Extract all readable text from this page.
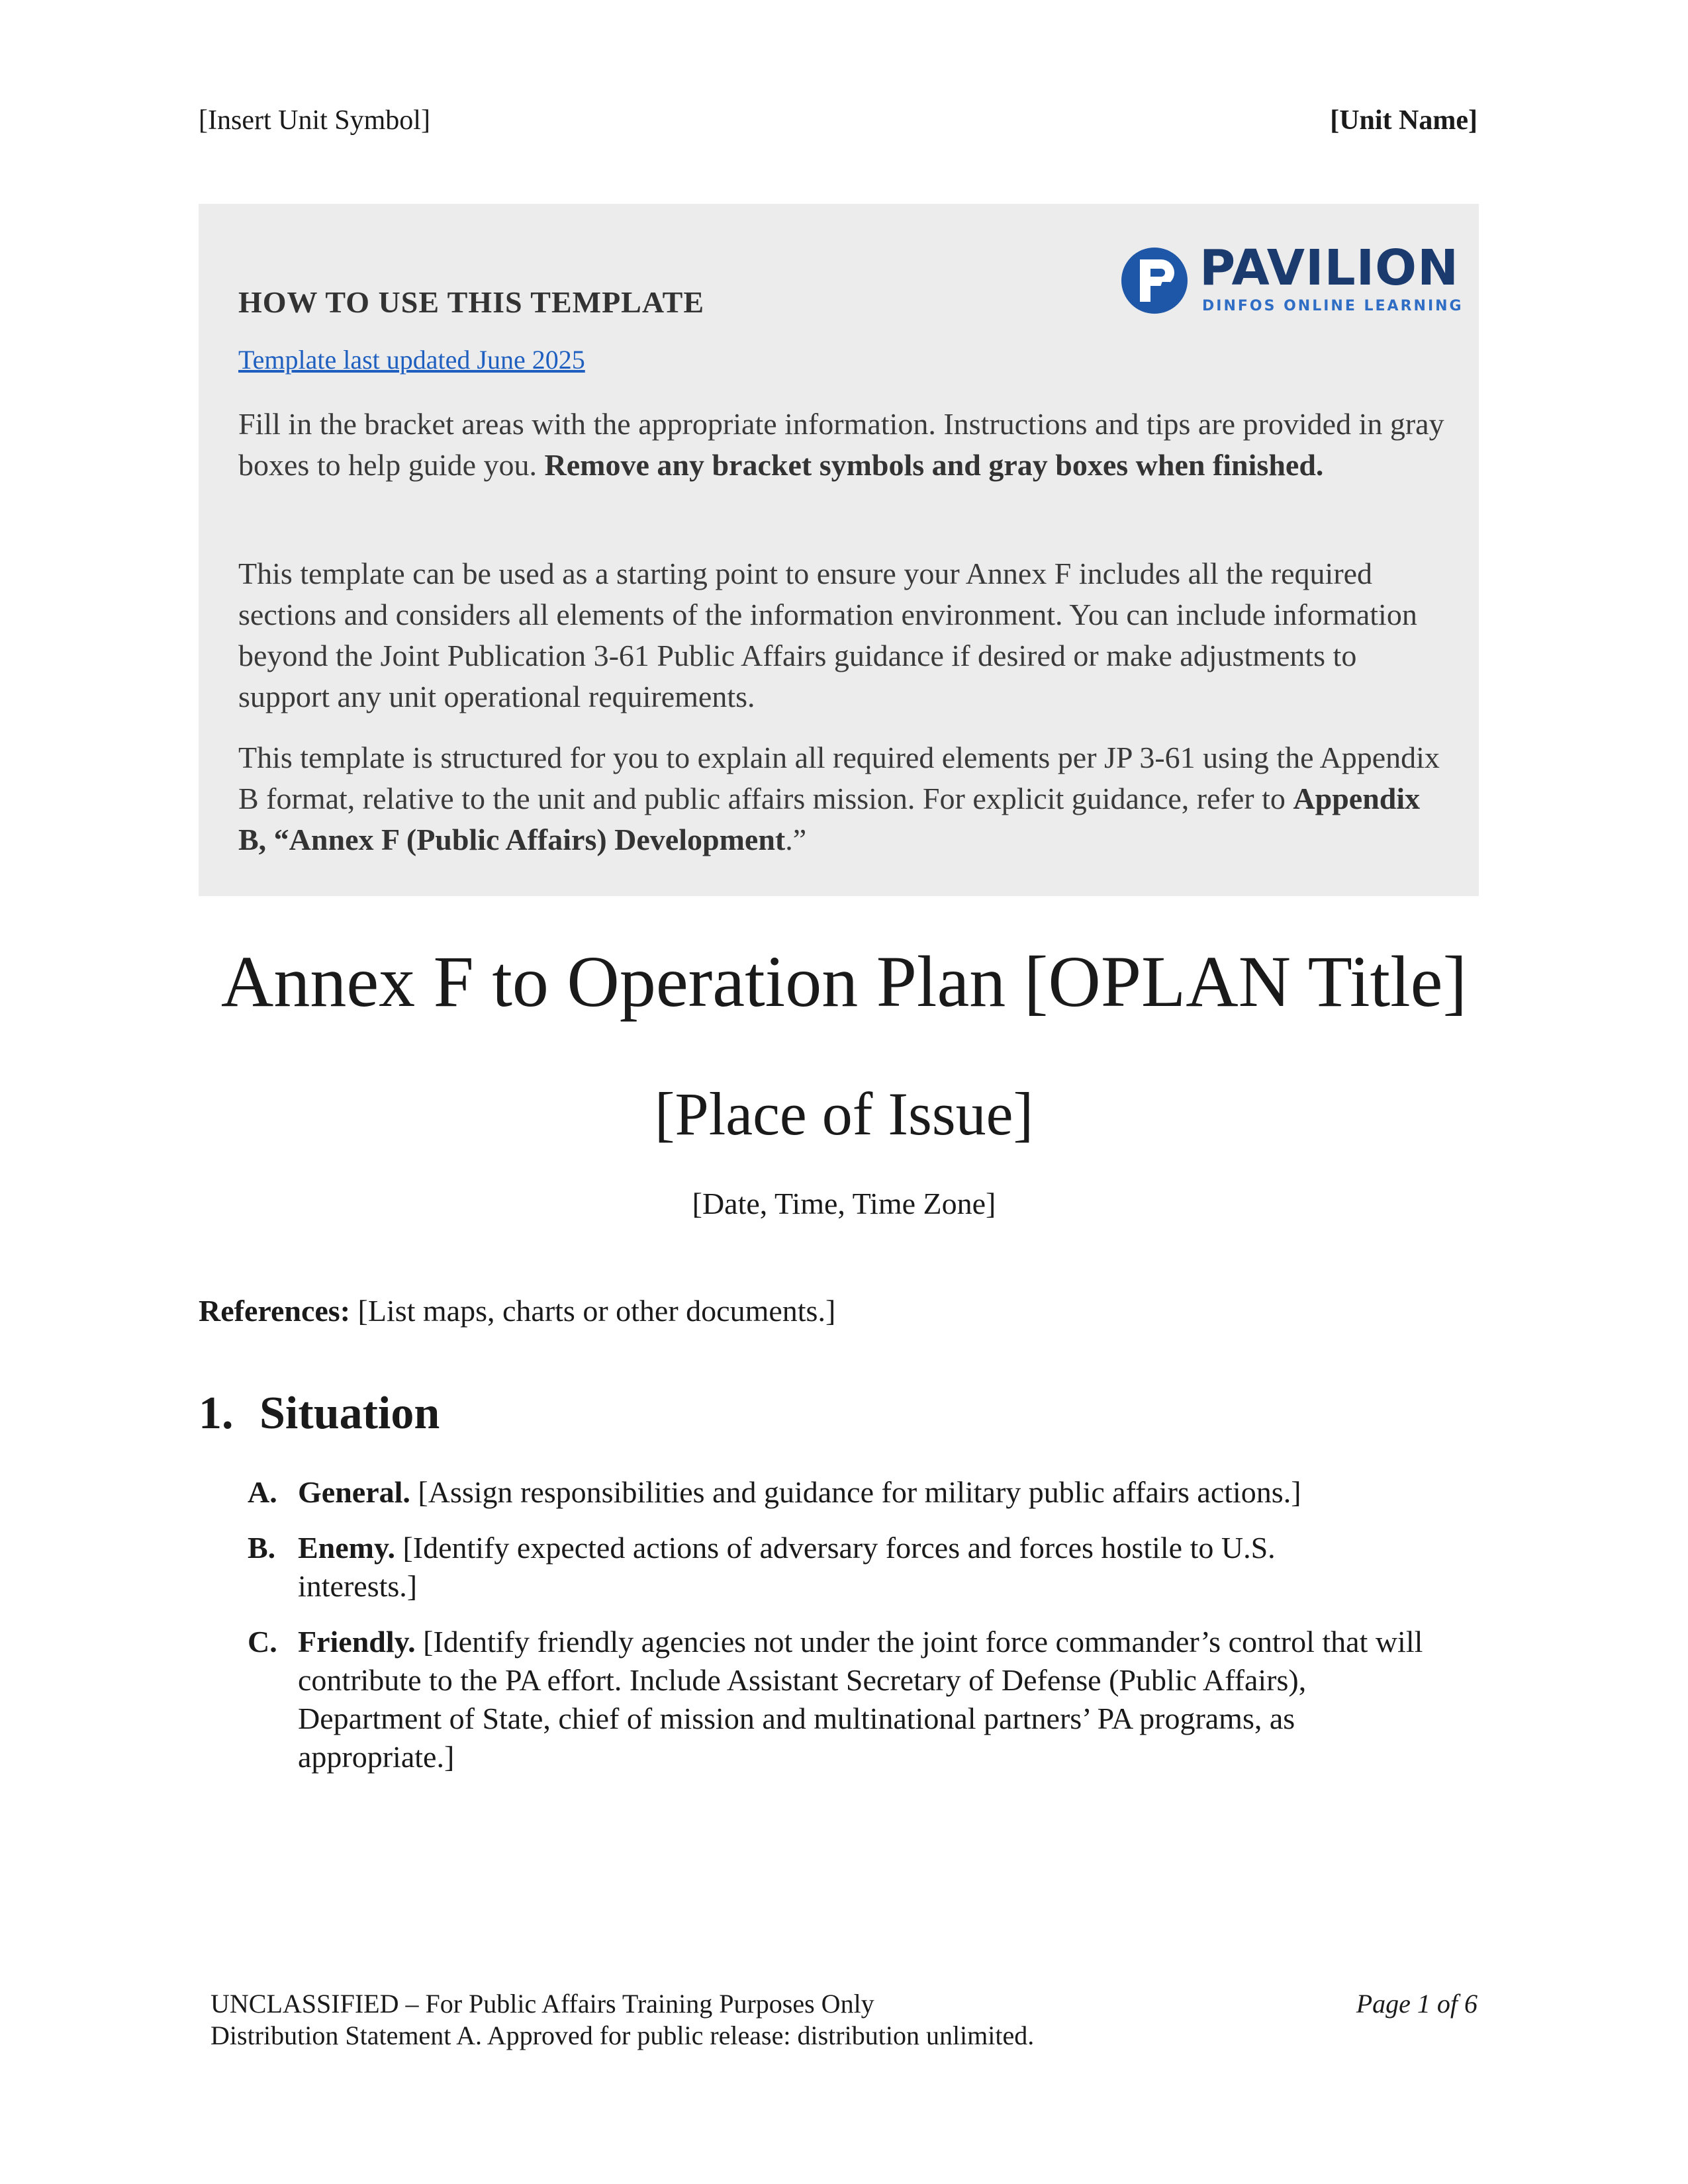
[Insert Unit Symbol]	[Unit Name]
PAVILION
DINFOS ONLINE LEARNING
HOW TO USE THIS TEMPLATE
Template last updated June 2025
Fill in the bracket areas with the appropriate information. Instructions and tips are provided in gray boxes to help guide you. Remove any bracket symbols and gray boxes when finished.
This template can be used as a starting point to ensure your Annex F includes all the required sections and considers all elements of the information environment. You can include information beyond the Joint Publication 3-61 Public Affairs guidance if desired or make adjustments to support any unit operational requirements.
This template is structured for you to explain all required elements per JP 3-61 using the Appendix B format, relative to the unit and public affairs mission. For explicit guidance, refer to Appendix B, “Annex F (Public Affairs) Development.”
Annex F to Operation Plan [OPLAN Title]
[Place of Issue]
[Date, Time, Time Zone]
References: [List maps, charts or other documents.]
1. Situation
A. General. [Assign responsibilities and guidance for military public affairs actions.]
B. Enemy. [Identify expected actions of adversary forces and forces hostile to U.S. interests.]
C. Friendly. [Identify friendly agencies not under the joint force commander’s control that will contribute to the PA effort. Include Assistant Secretary of Defense (Public Affairs), Department of State, chief of mission and multinational partners’ PA programs, as appropriate.]
UNCLASSIFIED – For Public Affairs Training Purposes Only
Distribution Statement A. Approved for public release: distribution unlimited.
Page 1 of 6
